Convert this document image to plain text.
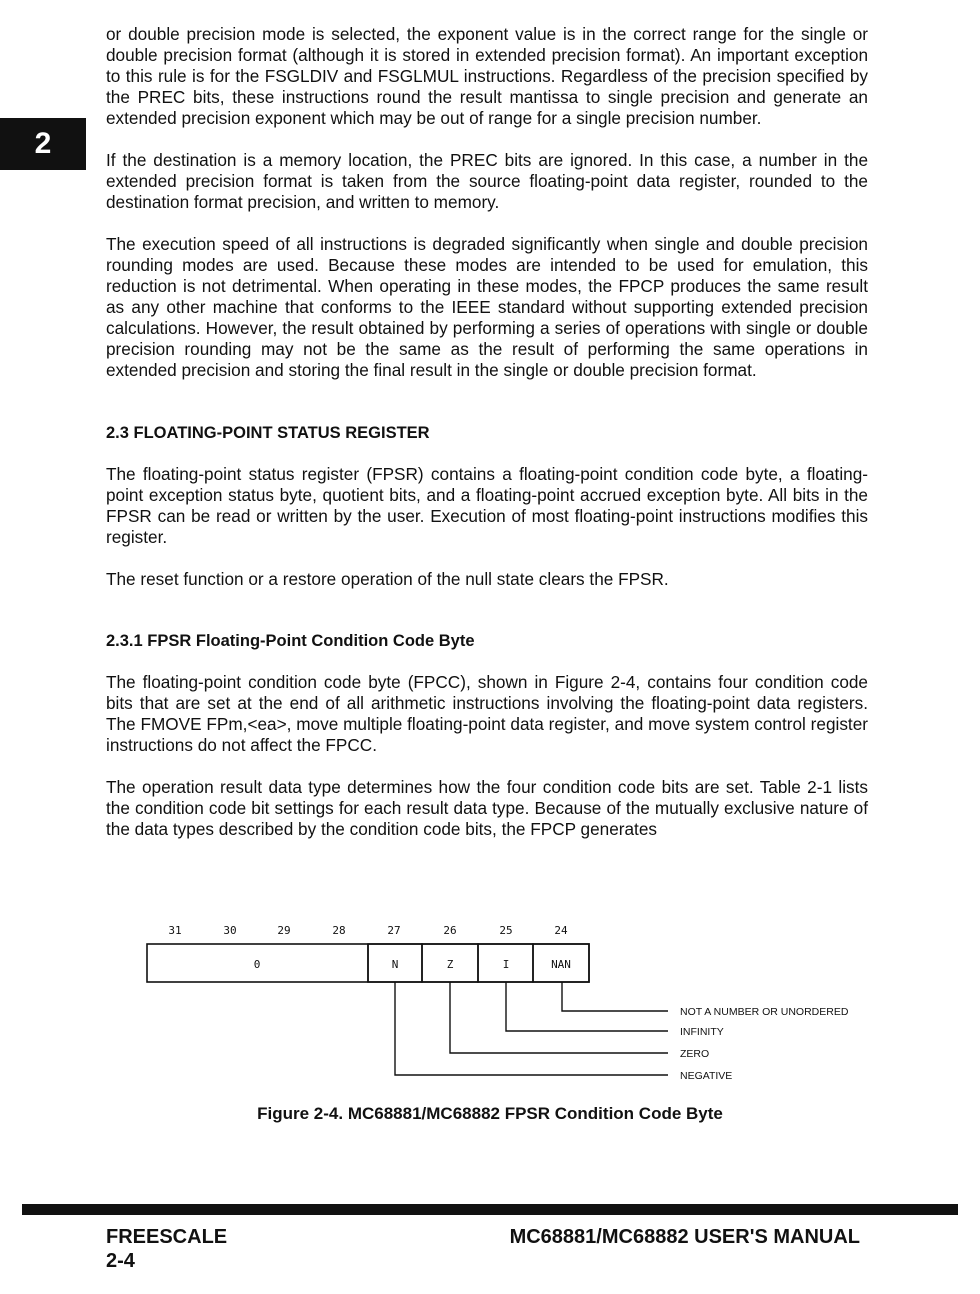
2

or double precision mode is selected, the exponent value is in the correct range for the single or double precision format (although it is stored in extended precision format). An important exception to this rule is for the FSGLDIV and FSGLMUL instructions. Regardless of the precision specified by the PREC bits, these instructions round the result mantissa to single precision and generate an extended precision exponent which may be out of range for a single precision number.

If the destination is a memory location, the PREC bits are ignored. In this case, a number in the extended precision format is taken from the source floating-point data register, rounded to the destination format precision, and written to memory.

The execution speed of all instructions is degraded significantly when single and double precision rounding modes are used. Because these modes are intended to be used for emulation, this reduction is not detrimental. When operating in these modes, the FPCP produces the same result as any other machine that conforms to the IEEE standard without supporting extended precision calculations. However, the result obtained by performing a series of operations with single or double precision rounding may not be the same as the result of performing the same operations in extended precision and storing the final result in the single or double precision format.

2.3 FLOATING-POINT STATUS REGISTER

The floating-point status register (FPSR) contains a floating-point condition code byte, a floating-point exception status byte, quotient bits, and a floating-point accrued exception byte. All bits in the FPSR can be read or written by the user. Execution of most floating-point instructions modifies this register.

The reset function or a restore operation of the null state clears the FPSR.

2.3.1 FPSR Floating-Point Condition Code Byte

The floating-point condition code byte (FPCC), shown in Figure 2-4, contains four condition code bits that are set at the end of all arithmetic instructions involving the floating-point data registers. The FMOVE FPm,<ea>, move multiple floating-point data register, and move system control register instructions do not affect the FPCC.

The operation result data type determines how the four condition code bits are set. Table 2-1 lists the condition code bit settings for each result data type. Because of the mutually exclusive nature of the data types described by the condition code bits, the FPCP generates

31	30	29	28	27	26	25	24
0	N	Z	I	NAN
NOT A NUMBER OR UNORDERED
INFINITY
ZERO
NEGATIVE
Figure 2-4. MC68881/MC68882 FPSR Condition Code Byte
FREESCALE
2-4
MC68881/MC68882 USER'S MANUAL
